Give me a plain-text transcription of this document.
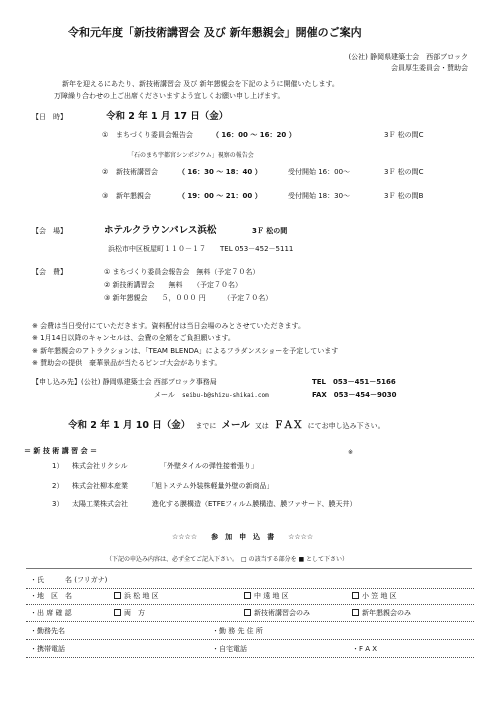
令和元年度「新技術講習会 及び 新年懇親会」開催のご案内
(公社) 静岡県建築士会　西部ブロック
会員厚生委員会・賛助会
新年を迎えるにあたり、新技術講習会 及び 新年懇親会を下記のように開催いたします。
万障繰り合わせの上ご出席くださいますよう宜しくお願い申し上げます。
【日　時】	令和 2 年 1 月 17 日（金）
① まちづくり委員会報告会	（ 16：00 ～ 16：20 ）	3Ｆ 松の間C
「石のまち宇都宮シンポジウム」視察の報告会
② 新技術講習会	（ 16：30 ～ 18：40 ）	受付開始 16：00～	3Ｆ 松の間C
③ 新年懇親会	（ 19：00 ～ 21：00 ）	受付開始 18：30～	3Ｆ 松の間B
【会　場】	ホテルクラウンパレス浜松	3Ｆ 松の間
浜松市中区板屋町１１０－１７　　TEL 053－452－5111
【会　費】	① まちづくり委員会報告会　無料（予定７０名）
② 新技術講習会　　無料　　（予定７０名）
③ 新年懇親会　　５，０００ 円　　　（予定７０名）
※ 会費は当日受付にていただきます。資料配付は当日会場のみとさせていただきます。
※ 1月14日以降のキャンセルは、会費の全額をご負担願います。
※ 新年懇親会のアトラクションは、「TEAM BLENDA」によるフラダンスショーを予定しています
※ 賛助会の提供　豪華景品が当たるビンゴ大会があります。
【申し込み先】(公社) 静岡県建築士会 西部ブロック事務局
メール seibu-b@shizu-shikai.com
TEL　053－451－5166
FAX　053－454－9030
令和 2 年 1 月 10 日（金） までに メール 又は ＦＡＸ にてお申し込み下さい。
＝ 新 技 術 講 習 会 ＝	※
1） 株式会社リクシル	「外壁タイルの弾性接着張り」
2） 株式会社柳本産業	「旭トステム外装株軽量外壁の新商品」
3） 太陽工業株式会社	進化する膜構造（ETFEフィルム膜構造、膜ファサード、膜天井）
☆☆☆☆　　参　加　申　込　書　　☆☆☆☆
（下記の申込み内容は、必ず全てご記入下さい。　□ の該当する部分を ■ として下さい）
・氏　　　名 (フリガナ)
・地　区　名	浜 松 地 区	中 遠 地 区	小 笠 地 区
・出 席 確 認	両　方	新技術講習会のみ	新年懇親会のみ
・勤務先名	・勤 務 先 住 所
・携帯電話	・自宅電話	・F A X
